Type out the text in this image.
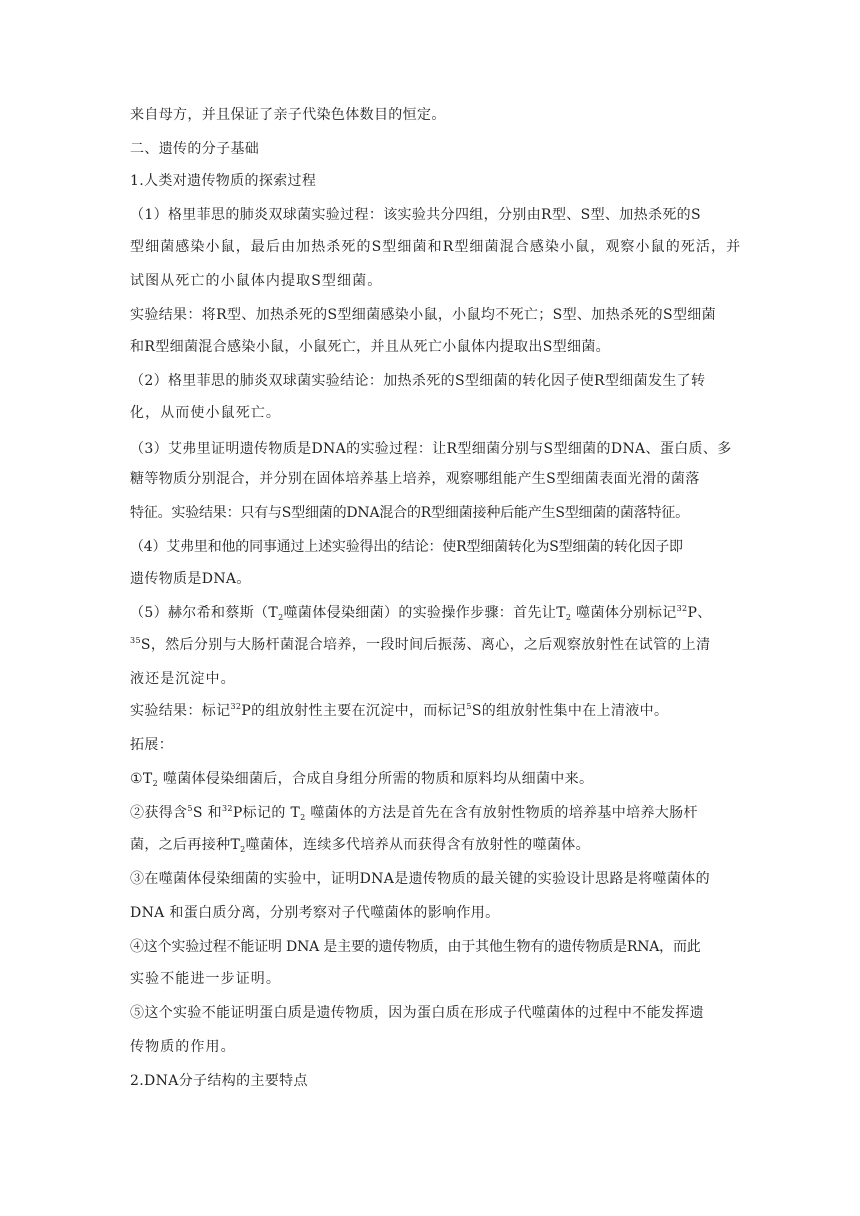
来自母方，并且保证了亲子代染色体数目的恒定。
二、遗传的分子基础
1.人类对遗传物质的探索过程
（1）格里菲思的肺炎双球菌实验过程：该实验共分四组，分别由R型、S型、加热杀死的S
型细菌感染小鼠，最后由加热杀死的S型细菌和R型细菌混合感染小鼠，观察小鼠的死活，并
试图从死亡的小鼠体内提取S型细菌。
实验结果：将R型、加热杀死的S型细菌感染小鼠，小鼠均不死亡；S型、加热杀死的S型细菌
和R型细菌混合感染小鼠，小鼠死亡，并且从死亡小鼠体内提取出S型细菌。
（2）格里菲思的肺炎双球菌实验结论：加热杀死的S型细菌的转化因子使R型细菌发生了转
化，从而使小鼠死亡。
（3）艾弗里证明遗传物质是DNA的实验过程：让R型细菌分别与S型细菌的DNA、蛋白质、多
糖等物质分别混合，并分别在固体培养基上培养，观察哪组能产生S型细菌表面光滑的菌落
特征。实验结果：只有与S型细菌的DNA混合的R型细菌接种后能产生S型细菌的菌落特征。
（4）艾弗里和他的同事通过上述实验得出的结论：使R型细菌转化为S型细菌的转化因子即
遗传物质是DNA。
（5）赫尔希和蔡斯（$T_2$噬菌体侵染细菌）的实验操作步骤：首先让$T_2$ 噬菌体分别标记$^{32}$P、
$^{35}$S，然后分别与大肠杆菌混合培养，一段时间后振荡、离心，之后观察放射性在试管的上清
液还是沉淀中。
实验结果：标记$^{32}$P的组放射性主要在沉淀中，而标记$^5$S的组放射性集中在上清液中。
拓展：
$①T_2$ 噬菌体侵染细菌后，合成自身组分所需的物质和原料均从细菌中来。
②获得含$^5$S 和$^{32}$P标记的 $T_2$ 噬菌体的方法是首先在含有放射性物质的培养基中培养大肠杆
菌，之后再接种$T_2$噬菌体，连续多代培养从而获得含有放射性的噬菌体。
③在噬菌体侵染细菌的实验中，证明DNA是遗传物质的最关键的实验设计思路是将噬菌体的
DNA 和蛋白质分离，分别考察对子代噬菌体的影响作用。
④这个实验过程不能证明 DNA 是主要的遗传物质，由于其他生物有的遗传物质是RNA，而此
实验不能进一步证明。
⑤这个实验不能证明蛋白质是遗传物质，因为蛋白质在形成子代噬菌体的过程中不能发挥遗
传物质的作用。
2.DNA分子结构的主要特点
